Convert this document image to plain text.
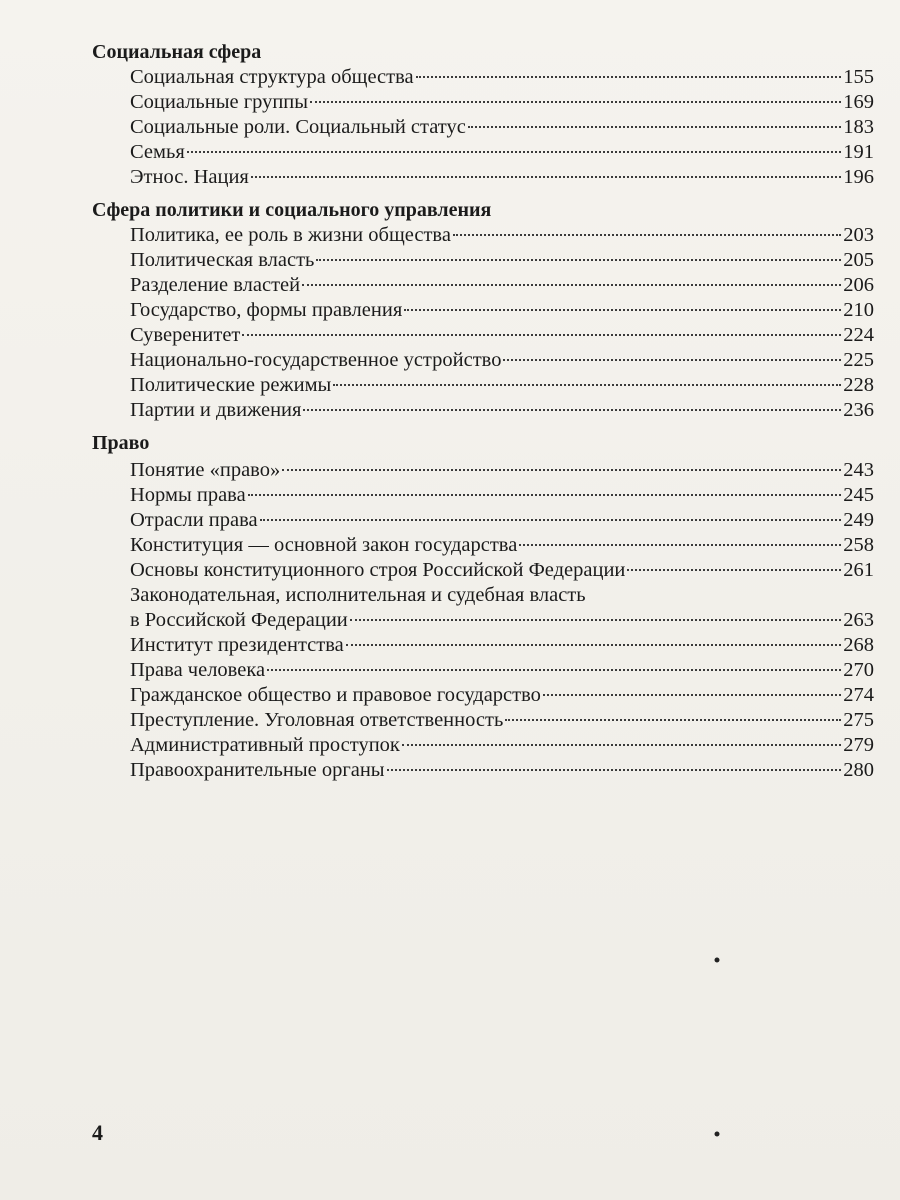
Социальная сфера
Социальная структура общества	155
Социальные группы	169
Социальные роли. Социальный статус	183
Семья	191
Этнос. Нация	196
Сфера политики и социального управления
Политика, ее роль в жизни общества	203
Политическая власть	205
Разделение властей	206
Государство, формы правления	210
Суверенитет	224
Национально-государственное устройство	225
Политические режимы	228
Партии и движения	236
Право
Понятие «право»	243
Нормы права	245
Отрасли права	249
Конституция — основной закон государства	258
Основы конституционного строя Российской Федерации	261
Законодательная, исполнительная и судебная власть
в Российской Федерации	263
Институт президентства	268
Права человека	270
Гражданское общество и правовое государство	274
Преступление. Уголовная ответственность	275
Административный проступок	279
Правоохранительные органы	280
4
